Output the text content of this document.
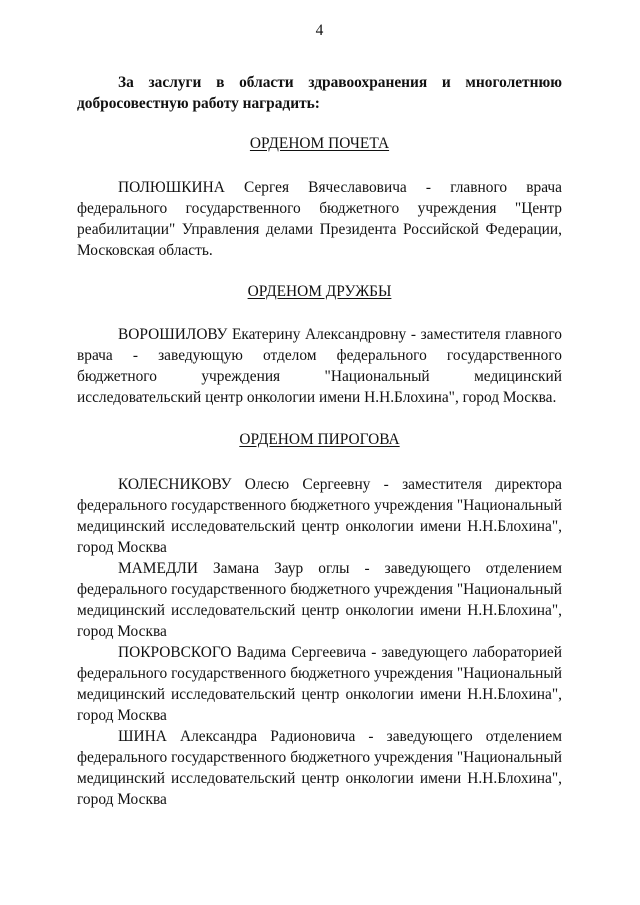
4

За заслуги в области здравоохранения и многолетнюю добросовестную работу наградить:

ОРДЕНОМ ПОЧЕТА

ПОЛЮШКИНА Сергея Вячеславовича - главного врача федерального государственного бюджетного учреждения "Центр реабилитации" Управления делами Президента Российской Федерации, Московская область.

ОРДЕНОМ ДРУЖБЫ

ВОРОШИЛОВУ Екатерину Александровну - заместителя главного врача - заведующую отделом федерального государственного бюджетного учреждения "Национальный медицинский исследовательский центр онкологии имени Н.Н.Блохина", город Москва.

ОРДЕНОМ ПИРОГОВА

КОЛЕСНИКОВУ Олесю Сергеевну - заместителя директора федерального государственного бюджетного учреждения "Национальный медицинский исследовательский центр онкологии имени Н.Н.Блохина", город Москва

МАМЕДЛИ Замана Заур оглы - заведующего отделением федерального государственного бюджетного учреждения "Национальный медицинский исследовательский центр онкологии имени Н.Н.Блохина", город Москва

ПОКРОВСКОГО Вадима Сергеевича - заведующего лабораторией федерального государственного бюджетного учреждения "Национальный медицинский исследовательский центр онкологии имени Н.Н.Блохина", город Москва

ШИНА Александра Радионовича - заведующего отделением федерального государственного бюджетного учреждения "Национальный медицинский исследовательский центр онкологии имени Н.Н.Блохина", город Москва
